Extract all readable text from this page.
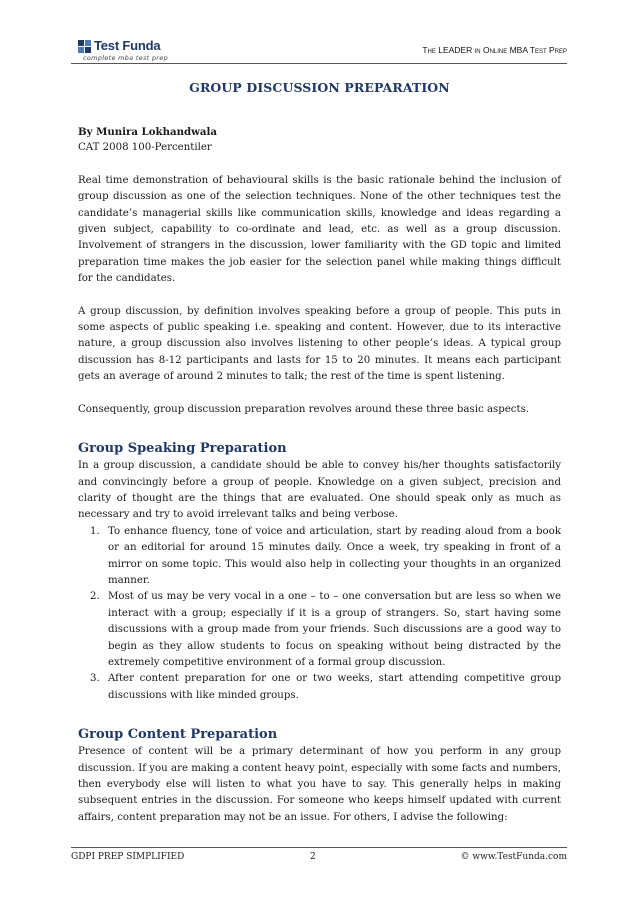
Test Funda
complete mba test prep
The LEADER in Online MBA Test Prep
GROUP DISCUSSION PREPARATION
By Munira Lokhandwala
CAT 2008 100-Percentiler

Real time demonstration of behavioural skills is the basic rationale behind the inclusion of group discussion as one of the selection techniques. None of the other techniques test the candidate’s managerial skills like communication skills, knowledge and ideas regarding a given subject, capability to co-ordinate and lead, etc. as well as a group discussion. Involvement of strangers in the discussion, lower familiarity with the GD topic and limited preparation time makes the job easier for the selection panel while making things difficult for the candidates.

A group discussion, by definition involves speaking before a group of people. This puts in some aspects of public speaking i.e. speaking and content. However, due to its interactive nature, a group discussion also involves listening to other people’s ideas. A typical group discussion has 8-12 participants and lasts for 15 to 20 minutes. It means each participant gets an average of around 2 minutes to talk; the rest of the time is spent listening.

Consequently, group discussion preparation revolves around these three basic aspects.

Group Speaking Preparation

In a group discussion, a candidate should be able to convey his/her thoughts satisfactorily and convincingly before a group of people. Knowledge on a given subject, precision and clarity of thought are the things that are evaluated. One should speak only as much as necessary and try to avoid irrelevant talks and being verbose.

1. To enhance fluency, tone of voice and articulation, start by reading aloud from a book or an editorial for around 15 minutes daily. Once a week, try speaking in front of a mirror on some topic. This would also help in collecting your thoughts in an organized manner.
2. Most of us may be very vocal in a one – to – one conversation but are less so when we interact with a group; especially if it is a group of strangers. So, start having some discussions with a group made from your friends. Such discussions are a good way to begin as they allow students to focus on speaking without being distracted by the extremely competitive environment of a formal group discussion.
3. After content preparation for one or two weeks, start attending competitive group discussions with like minded groups.
Group Content Preparation

Presence of content will be a primary determinant of how you perform in any group discussion. If you are making a content heavy point, especially with some facts and numbers, then everybody else will listen to what you have to say. This generally helps in making subsequent entries in the discussion. For someone who keeps himself updated with current affairs, content preparation may not be an issue. For others, I advise the following:

GDPI PREP SIMPLIFIED	2	© www.TestFunda.com
